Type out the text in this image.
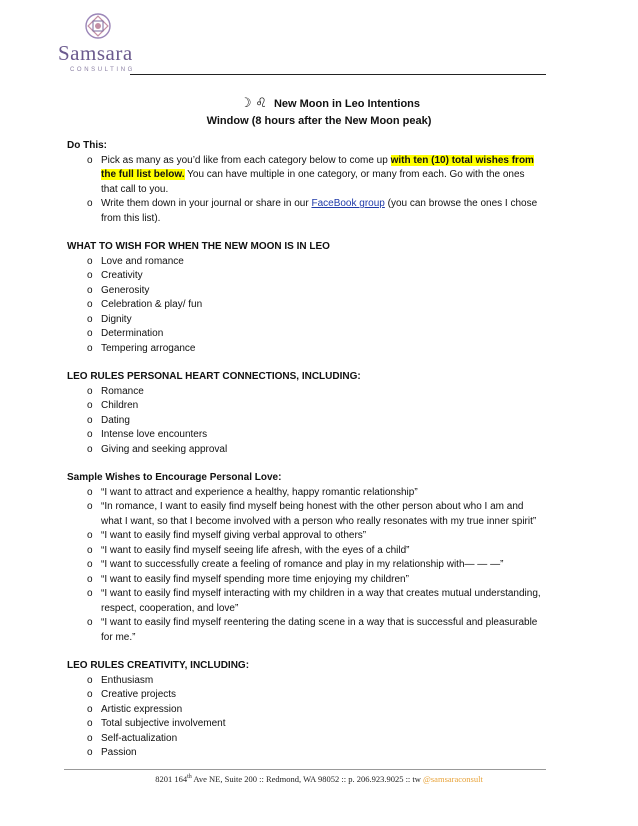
Samsara
CONSULTING
☽ ♌ New Moon in Leo Intentions
Window (8 hours after the New Moon peak)
Do This:
o Pick as many as you’d like from each category below to come up with ten (10) total wishes from the full list below. You can have multiple in one category, or many from each. Go with the ones that call to you.
o Write them down in your journal or share in our FaceBook group (you can browse the ones I chose from this list).
WHAT TO WISH FOR WHEN THE NEW MOON IS IN LEO
o Love and romance
o Creativity
o Generosity
o Celebration & play/ fun
o Dignity
o Determination
o Tempering arrogance
LEO RULES PERSONAL HEART CONNECTIONS, INCLUDING:
o Romance
o Children
o Dating
o Intense love encounters
o Giving and seeking approval
Sample Wishes to Encourage Personal Love:
o “I want to attract and experience a healthy, happy romantic relationship”
o “In romance, I want to easily find myself being honest with the other person about who I am and what I want, so that I become involved with a person who really resonates with my true inner spirit”
o “I want to easily find myself giving verbal approval to others”
o “I want to easily find myself seeing life afresh, with the eyes of a child”
o “I want to successfully create a feeling of romance and play in my relationship with— — —”
o “I want to easily find myself spending more time enjoying my children”
o “I want to easily find myself interacting with my children in a way that creates mutual understanding, respect, cooperation, and love”
o “I want to easily find myself reentering the dating scene in a way that is successful and pleasurable for me.”
LEO RULES CREATIVITY, INCLUDING:
o Enthusiasm
o Creative projects
o Artistic expression
o Total subjective involvement
o Self-actualization
o Passion
8201 164th Ave NE, Suite 200 :: Redmond, WA 98052 :: p. 206.923.9025 :: tw @samsaraconsult
